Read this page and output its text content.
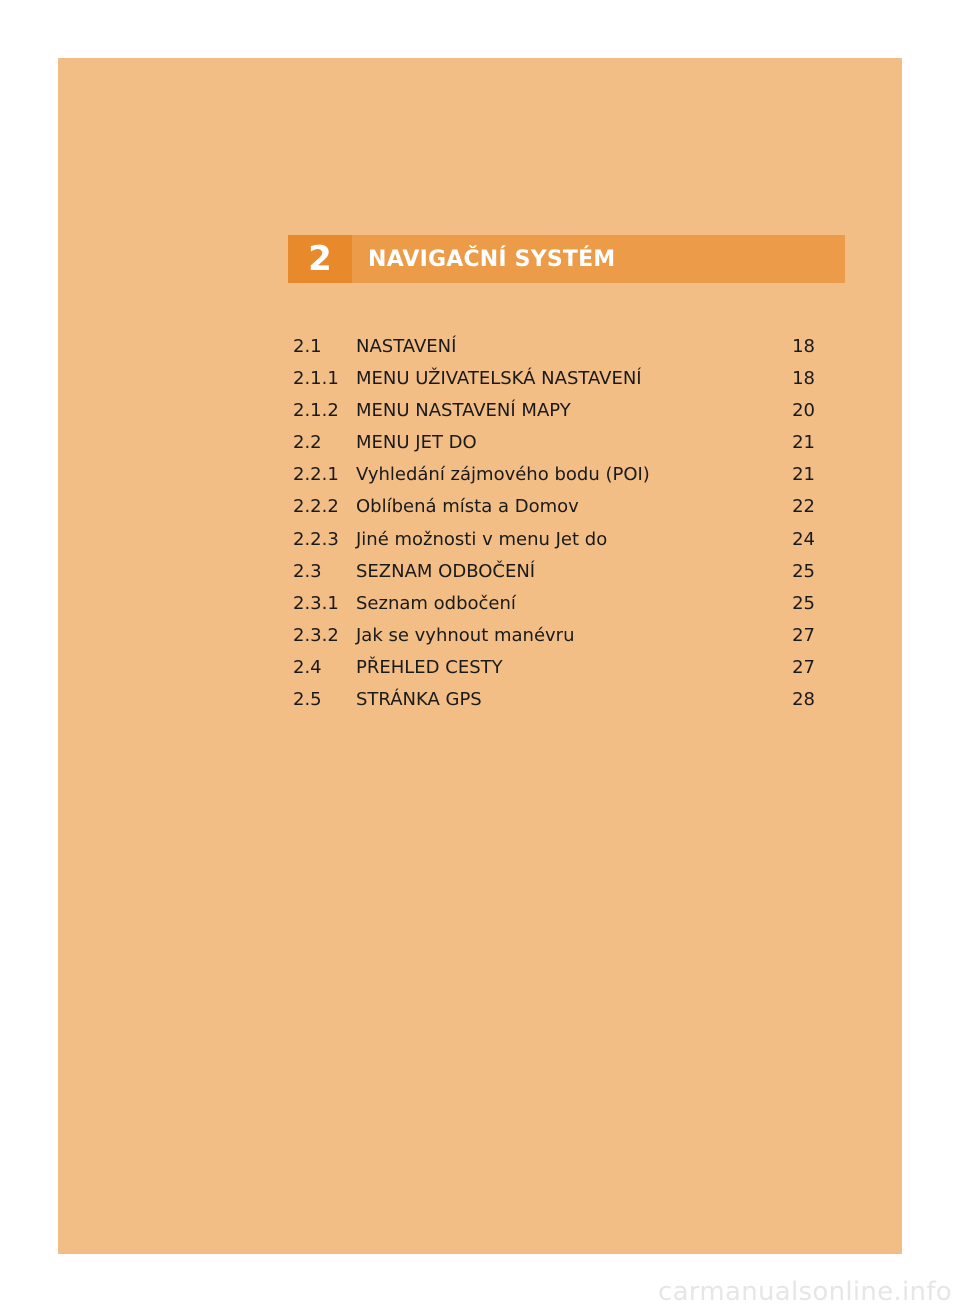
2	NAVIGAČNÍ SYSTÉM
2.1 NASTAVENÍ	18
2.1.1 MENU UŽIVATELSKÁ NASTAVENÍ	18
2.1.2 MENU NASTAVENÍ MAPY	20
2.2 MENU JET DO	21
2.2.1 Vyhledání zájmového bodu (POI)	21
2.2.2 Oblíbená místa a Domov	22
2.2.3 Jiné možnosti v menu Jet do	24
2.3 SEZNAM ODBOČENÍ	25
2.3.1 Seznam odbočení	25
2.3.2 Jak se vyhnout manévru	27
2.4 PŘEHLED CESTY	27
2.5 STRÁNKA GPS	28
carmanualsonline.info
